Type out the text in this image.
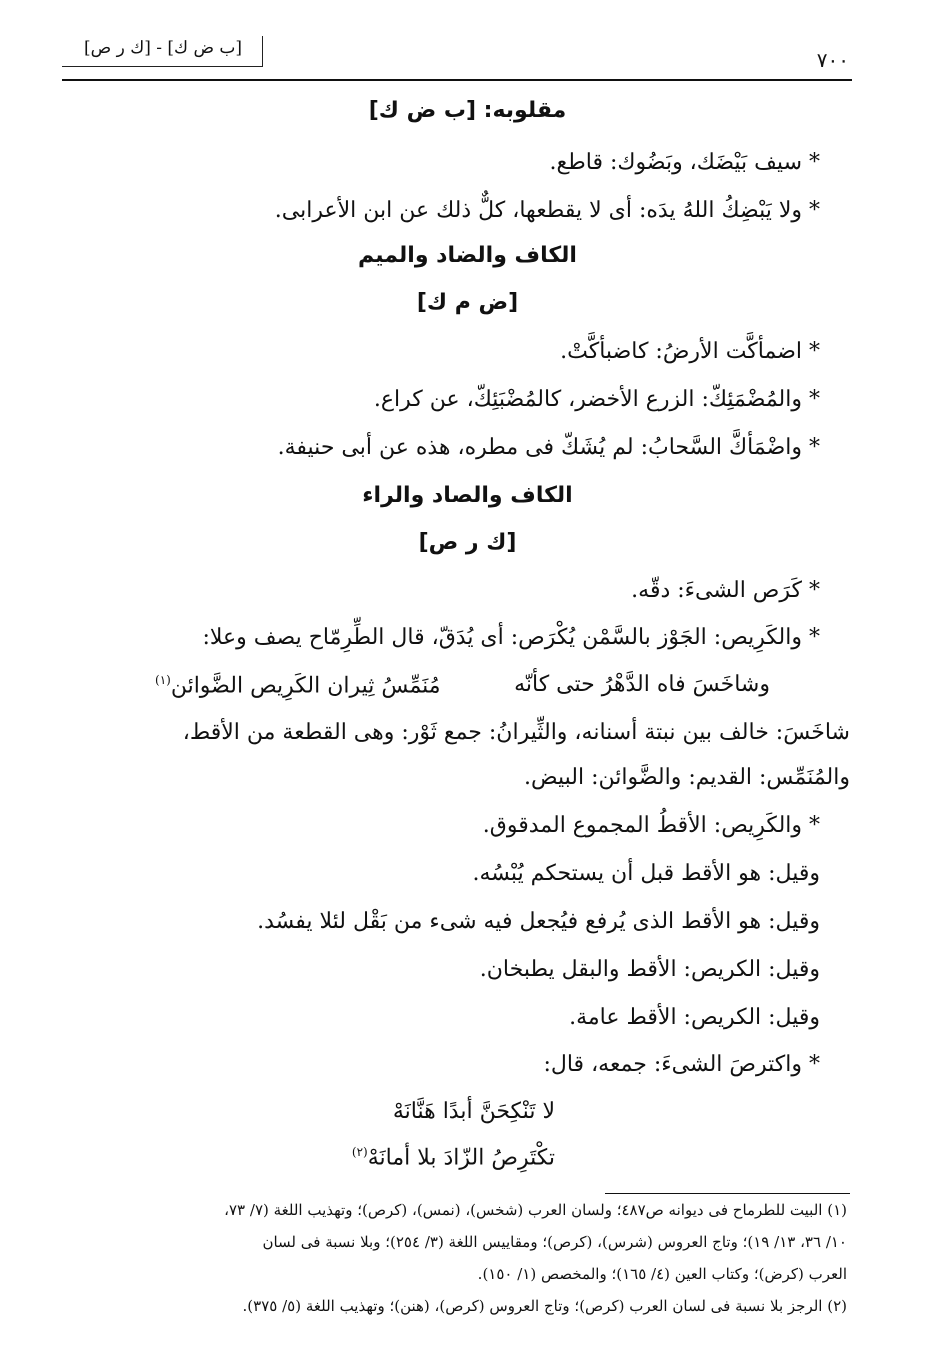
٧٠٠
[ب ض ك] - [ك ر ص]
مقلوبه: [ب ض ك]
* سيف بَيْضَك، وبَضُوك: قاطع.
* ولا يَبْضِكُ اللهُ يدَه: أى لا يقطعها، كلٌّ ذلك عن ابن الأعرابى.
الكاف والضاد والميم
[ض م ك]
* اضمأكَّت الأرضُ: كاضبأكَّتْ.
* والمُضْمَئِكّ: الزرع الأخضر، كالمُضْبَئِكّ، عن كراع.
* واضْمَأكَّ السَّحابُ: لم يُشَكّ فى مطره، هذه عن أبى حنيفة.
الكاف والصاد والراء
[ك ر ص]
* كَرَص الشىءَ: دقّه.
* والكَرِيص: الجَوْز بالسَّمْن يُكْرَص: أى يُدَقّ، قال الطِّرِمّاح يصف وعلا:
وشاخَسَ فاه الدَّهْرُ حتى كأنّه
$^{(١)}$مُنَمِّسُ ثِيران الكَرِيص الضَّوائن
شاخَسَ: خالف بين نبتة أسنانه، والثِّيرانُ: جمع ثَوْر: وهى القطعة من الأقط،
والمُنَمِّس: القديم: والضَّوائن: البيض.
* والكَرِيص: الأقطُ المجموع المدقوق.
وقيل: هو الأقط قبل أن يستحكم يُبْسُه.
وقيل: هو الأقط الذى يُرفع فيُجعل فيه شىء من بَقْل لئلا يفسُد.
وقيل: الكريص: الأقط والبقل يطبخان.
وقيل: الكريص: الأقط عامة.
* واكترصَ الشىءَ: جمعه، قال:
لا تَنْكِحَنَّ أبدًا هَنَّانَهْ
$^{(٢)}$تكْتَرِصُ الزّادَ بلا أمانَهْ
(١) البيت للطرماح فى ديوانه ص٤٨٧؛ ولسان العرب (شخس)، (نمس)، (كرص)؛ وتهذيب اللغة (٧/ ٧٣،
١٠/ ٣٦، ١٣/ ١٩)؛ وتاج العروس (شرس)، (كرص)؛ ومقاييس اللغة (٣/ ٢٥٤)؛ وبلا نسبة فى لسان
العرب (كرض)؛ وكتاب العين (٤/ ١٦٥)؛ والمخصص (١/ ١٥٠).
(٢) الرجز بلا نسبة فى لسان العرب (كرص)؛ وتاج العروس (كرص)، (هنن)؛ وتهذيب اللغة (٥/ ٣٧٥).
